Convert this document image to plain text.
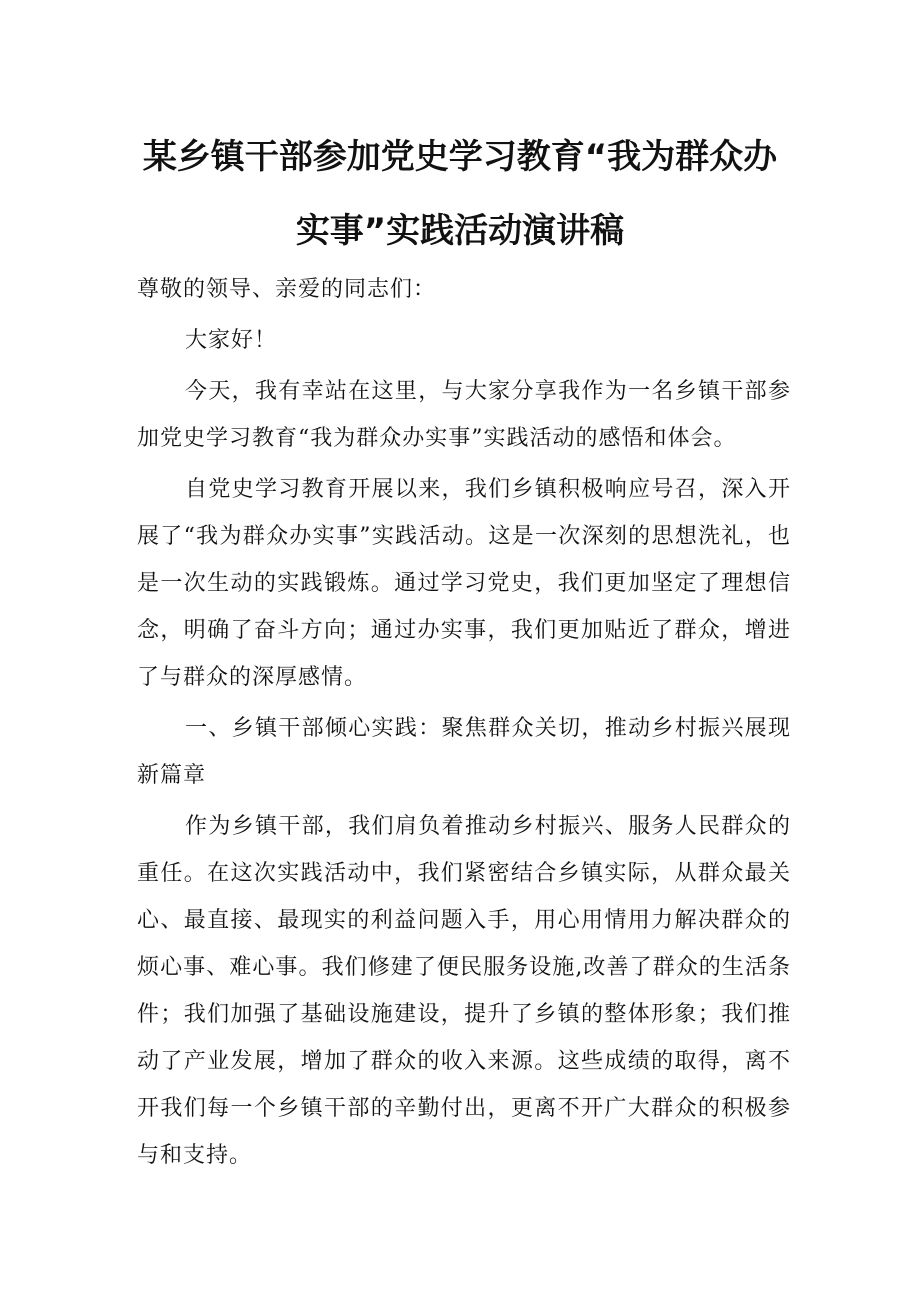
某乡镇干部参加党史学习教育“我为群众办
实事”实践活动演讲稿

尊敬的领导、亲爱的同志们：

大家好！

今天，我有幸站在这里，与大家分享我作为一名乡镇干部参加党史学习教育“我为群众办实事”实践活动的感悟和体会。

自党史学习教育开展以来，我们乡镇积极响应号召，深入开展了“我为群众办实事”实践活动。这是一次深刻的思想洗礼，也是一次生动的实践锻炼。通过学习党史，我们更加坚定了理想信念，明确了奋斗方向；通过办实事，我们更加贴近了群众，增进了与群众的深厚感情。

一、乡镇干部倾心实践：聚焦群众关切，推动乡村振兴展现新篇章

作为乡镇干部，我们肩负着推动乡村振兴、服务人民群众的重任。在这次实践活动中，我们紧密结合乡镇实际，从群众最关心、最直接、最现实的利益问题入手，用心用情用力解决群众的烦心事、难心事。我们修建了便民服务设施,改善了群众的生活条件；我们加强了基础设施建设，提升了乡镇的整体形象；我们推动了产业发展，增加了群众的收入来源。这些成绩的取得，离不开我们每一个乡镇干部的辛勤付出，更离不开广大群众的积极参与和支持。
